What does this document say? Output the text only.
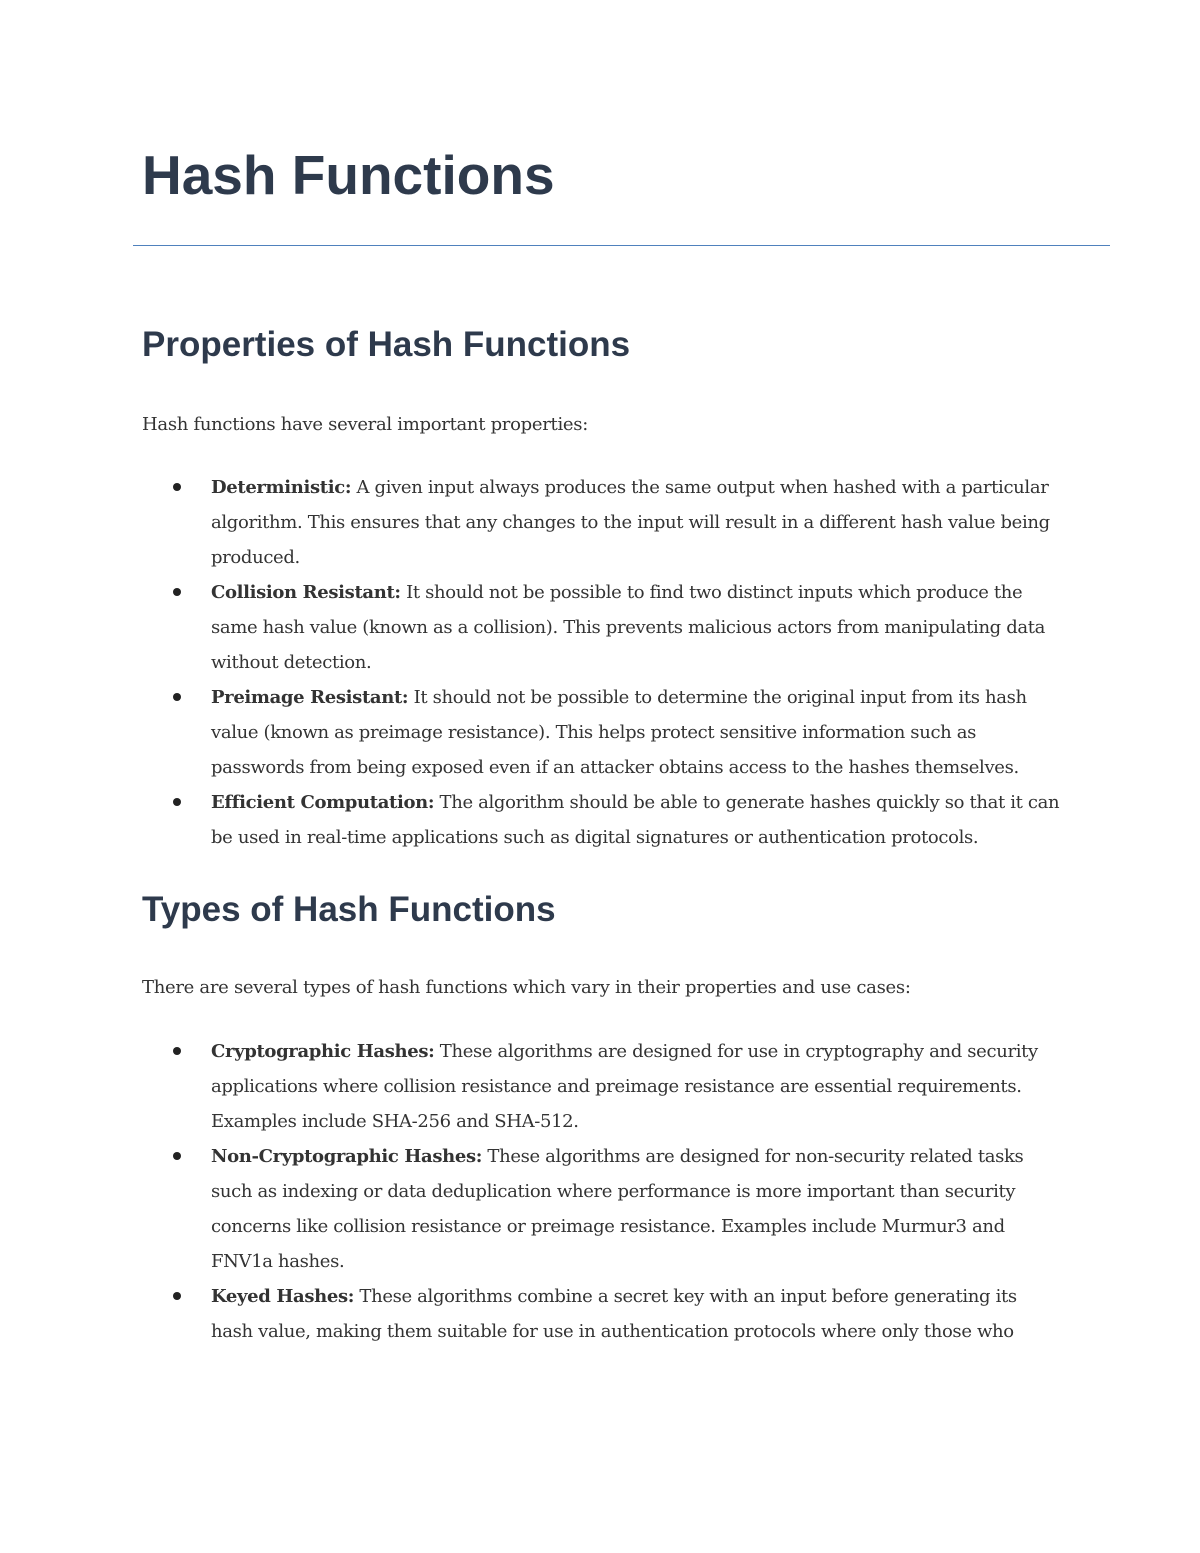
Hash Functions
Properties of Hash Functions

Hash functions have several important properties:

Deterministic: A given input always produces the same output when hashed with a particular algorithm. This ensures that any changes to the input will result in a different hash value being produced.
Collision Resistant: It should not be possible to find two distinct inputs which produce the same hash value (known as a collision). This prevents malicious actors from manipulating data without detection.
Preimage Resistant: It should not be possible to determine the original input from its hash value (known as preimage resistance). This helps protect sensitive information such as passwords from being exposed even if an attacker obtains access to the hashes themselves.
Efficient Computation: The algorithm should be able to generate hashes quickly so that it can be used in real-time applications such as digital signatures or authentication protocols.
Types of Hash Functions

There are several types of hash functions which vary in their properties and use cases:

Cryptographic Hashes: These algorithms are designed for use in cryptography and security applications where collision resistance and preimage resistance are essential requirements. Examples include SHA-256 and SHA-512.
Non-Cryptographic Hashes: These algorithms are designed for non-security related tasks such as indexing or data deduplication where performance is more important than security concerns like collision resistance or preimage resistance. Examples include Murmur3 and FNV1a hashes.
Keyed Hashes: These algorithms combine a secret key with an input before generating its hash value, making them suitable for use in authentication protocols where only those who
